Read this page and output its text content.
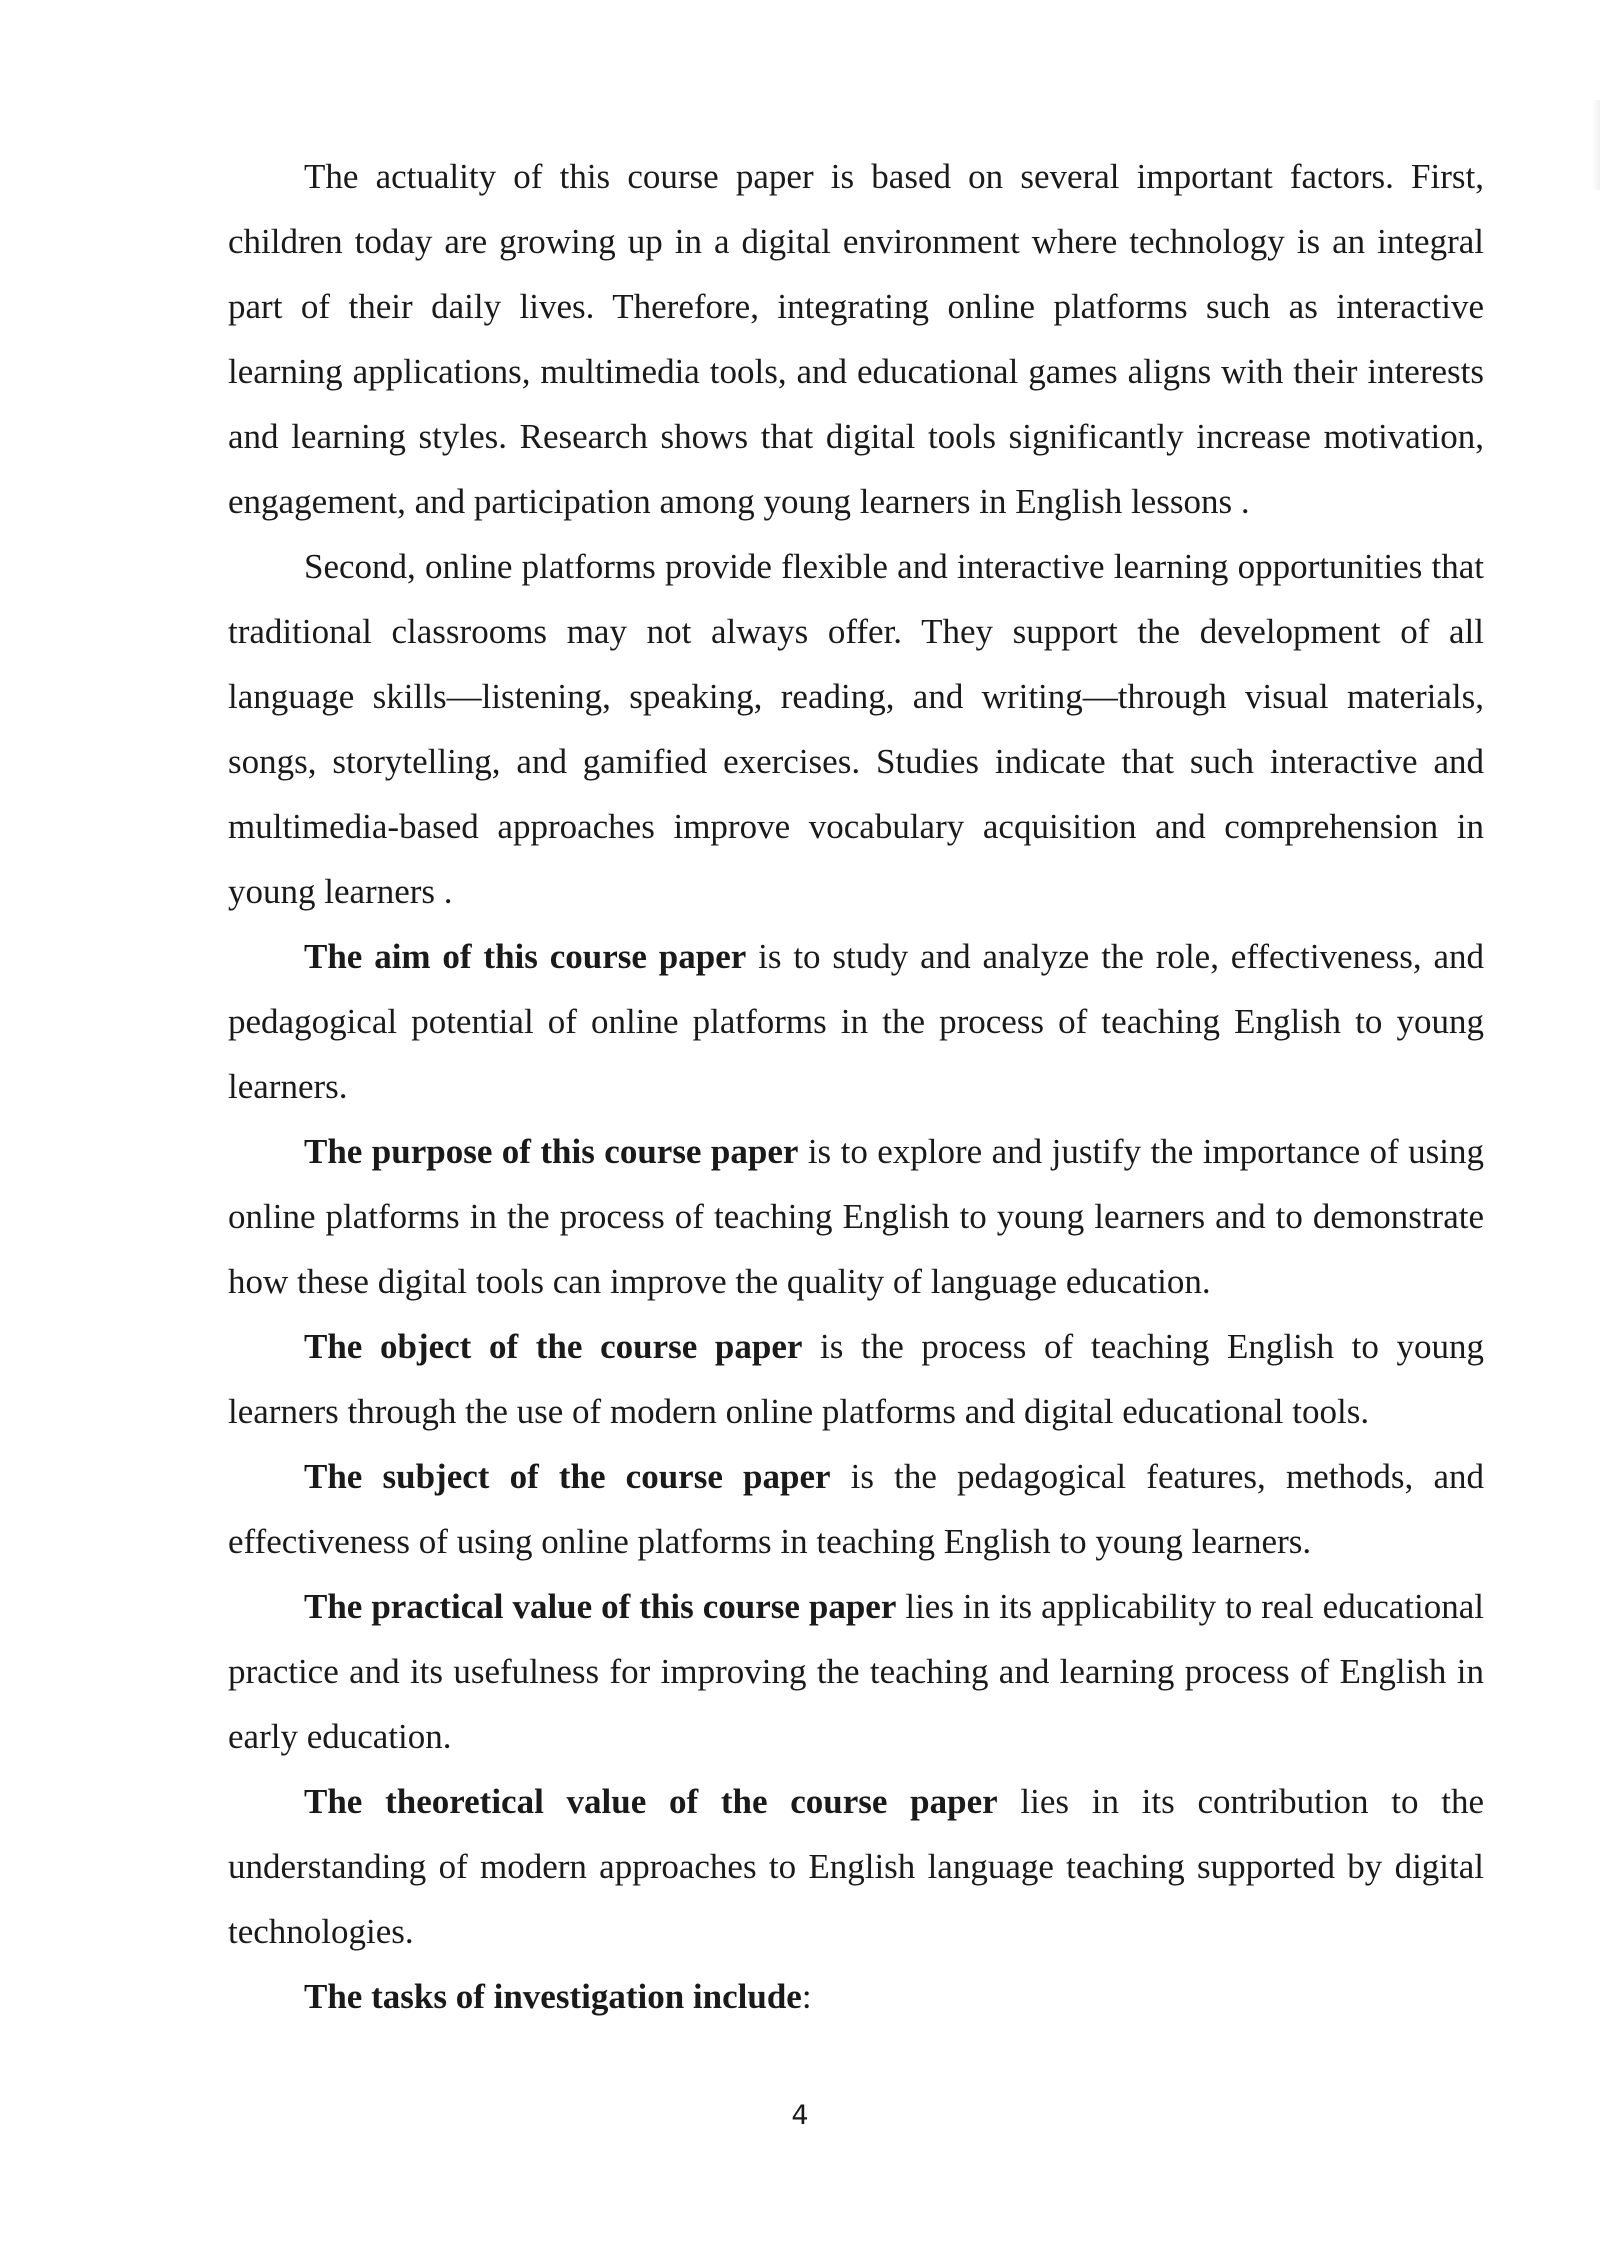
The actuality of this course paper is based on several important factors. First, children today are growing up in a digital environment where technology is an integral part of their daily lives. Therefore, integrating online platforms such as interactive learning applications, multimedia tools, and educational games aligns with their interests and learning styles. Research shows that digital tools significantly increase motivation, engagement, and participation among young learners in English lessons .

Second, online platforms provide flexible and interactive learning opportunities that traditional classrooms may not always offer. They support the development of all language skills—listening, speaking, reading, and writing—through visual materials, songs, storytelling, and gamified exercises. Studies indicate that such interactive and multimedia-based approaches improve vocabulary acquisition and comprehension in young learners .

The aim of this course paper is to study and analyze the role, effectiveness, and pedagogical potential of online platforms in the process of teaching English to young learners.

The purpose of this course paper is to explore and justify the importance of using online platforms in the process of teaching English to young learners and to demonstrate how these digital tools can improve the quality of language education.

The object of the course paper is the process of teaching English to young learners through the use of modern online platforms and digital educational tools.

The subject of the course paper is the pedagogical features, methods, and effectiveness of using online platforms in teaching English to young learners.

The practical value of this course paper lies in its applicability to real educational practice and its usefulness for improving the teaching and learning process of English in early education.

The theoretical value of the course paper lies in its contribution to the understanding of modern approaches to English language teaching supported by digital technologies.

The tasks of investigation include:

4
